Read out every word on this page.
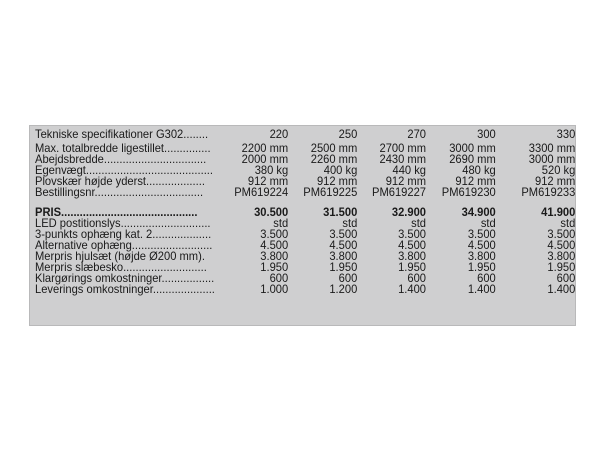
Tekniske specifikationer G302........	220	250	270	300	330
Max. totalbredde ligestillet...............	2200 mm	2500 mm	2700 mm	3000 mm	3300 mm
Abejdsbredde.................................	2000 mm	2260 mm	2430 mm	2690 mm	3000 mm
Egenvægt.........................................	380 kg	400 kg	440 kg	480 kg	520 kg
Plovskær højde yderst...................	912 mm	912 mm	912 mm	912 mm	912 mm
Bestillingsnr...................................	PM619224	PM619225	PM619227	PM619230	PM619233

PRIS............................................	30.500	31.500	32.900	34.900	41.900
LED postitionslys.............................	std	std	std	std	std
3-punkts ophæng kat. 2...................	3.500	3.500	3.500	3.500	3.500
Alternative ophæng..........................	4.500	4.500	4.500	4.500	4.500
Merpris hjulsæt (højde Ø200 mm).	3.800	3.800	3.800	3.800	3.800
Merpris slæbesko...........................	1.950	1.950	1.950	1.950	1.950
Klargørings omkostninger.................	600	600	600	600	600
Leverings omkostninger....................	1.000	1.200	1.400	1.400	1.400
